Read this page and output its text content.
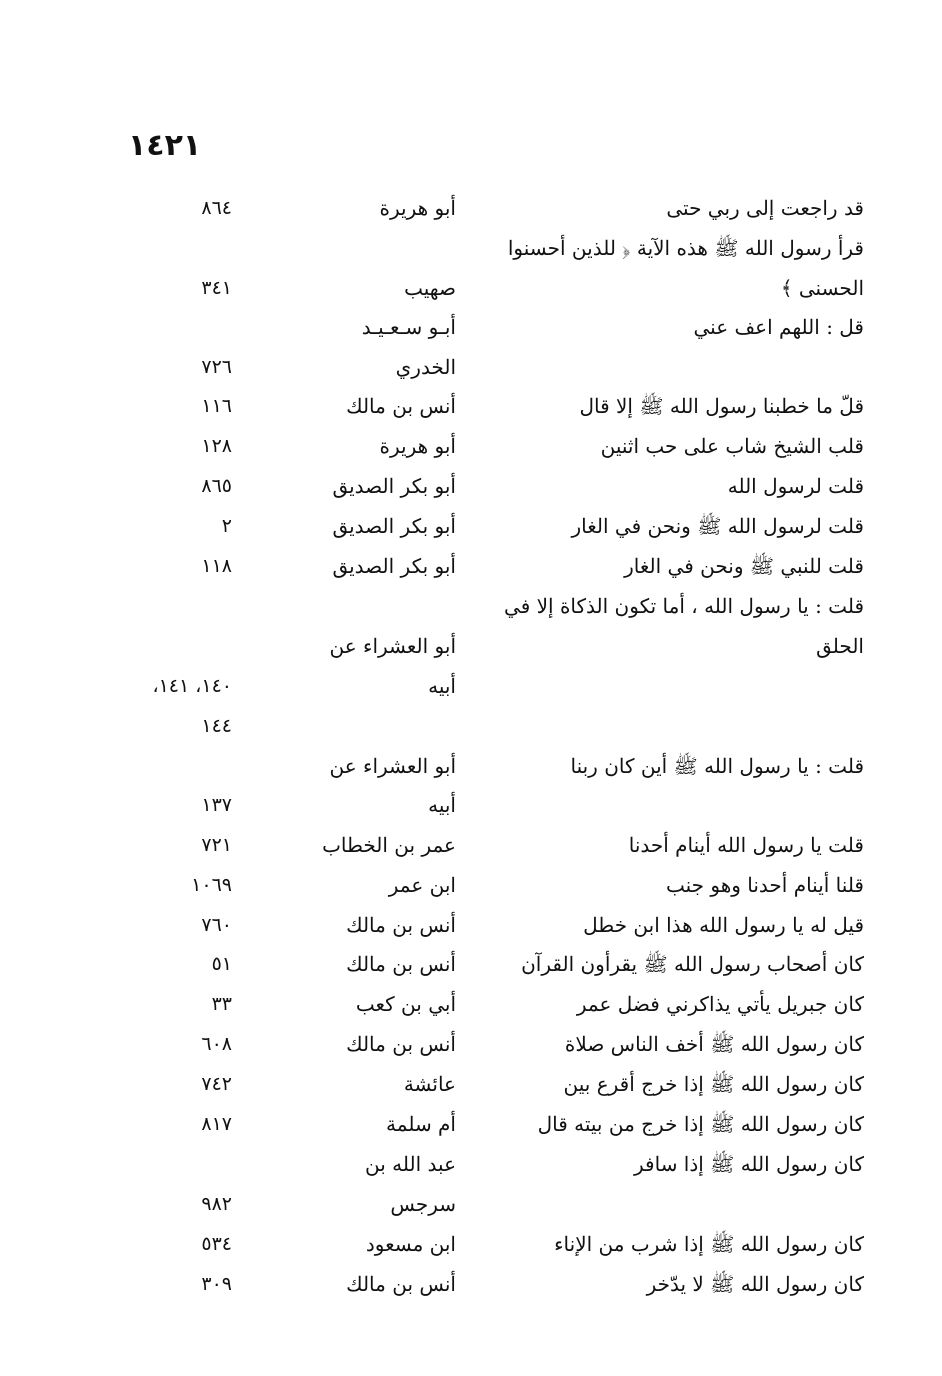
١٤٢١
قد راجعت إلى ربي حتى
أبو هريرة
٨٦٤
قرأ رسول الله ﷺ هذه الآية ﴿ للذين أحسنوا
الحسنى ﴾
صهيب
٣٤١
قل : اللهم اعف عني
أبـو سـعـيـد
الخدري
٧٢٦
قلّ ما خطبنا رسول الله ﷺ إلا قال
أنس بن مالك
١١٦
قلب الشيخ شاب على حب اثنين
أبو هريرة
١٢٨
قلت لرسول الله
أبو بكر الصديق
٨٦٥
قلت لرسول الله ﷺ ونحن في الغار
أبو بكر الصديق
٢
قلت للنبي ﷺ ونحن في الغار
أبو بكر الصديق
١١٨
قلت : يا رسول الله ، أما تكون الذكاة إلا في
الحلق
أبو العشراء عن
أبيه
١٤٠، ١٤١،
١٤٤
قلت : يا رسول الله ﷺ أين كان ربنا
أبو العشراء عن
أبيه
١٣٧
قلت يا رسول الله أينام أحدنا
عمر بن الخطاب
٧٢١
قلنا أينام أحدنا وهو جنب
ابن عمر
١٠٦٩
قيل له يا رسول الله هذا ابن خطل
أنس بن مالك
٧٦٠
كان أصحاب رسول الله ﷺ يقرأون القرآن
أنس بن مالك
٥١
كان جبريل يأتي يذاكرني فضل عمر
أبي بن كعب
٣٣
كان رسول الله ﷺ أخف الناس صلاة
أنس بن مالك
٦٠٨
كان رسول الله ﷺ إذا خرج أقرع بين
عائشة
٧٤٢
كان رسول الله ﷺ إذا خرج من بيته قال
أم سلمة
٨١٧
كان رسول الله ﷺ إذا سافر
عبد الله بن
سرجس
٩٨٢
كان رسول الله ﷺ إذا شرب من الإناء
ابن مسعود
٥٣٤
كان رسول الله ﷺ لا يدّخر
أنس بن مالك
٣٠٩
